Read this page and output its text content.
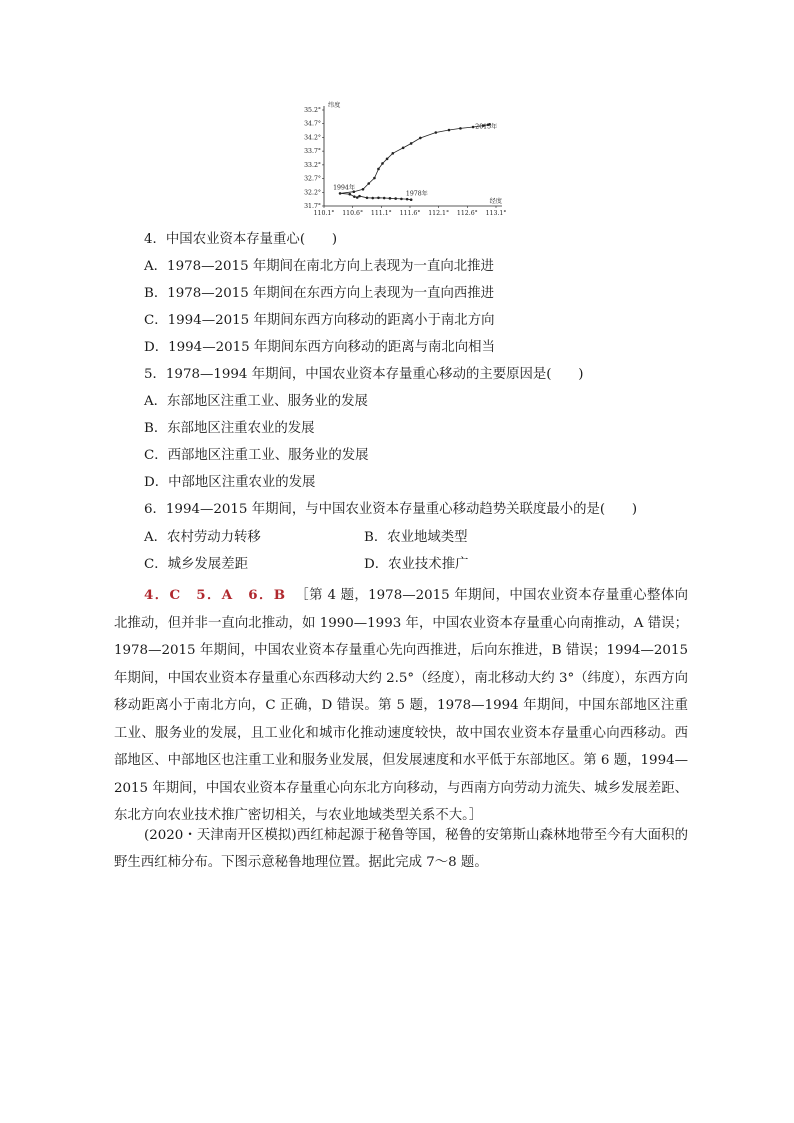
110.1° 110.6° 111.1° 111.6° 112.1° 112.6° 113.1°
31.7°
32.2°
32.7°
33.2°
33.7°
34.2°
34.7°
35.2°
纬度
经度
1994年
1978年
2015年
4．中国农业资本存量重心(　　)
A．1978—2015 年期间在南北方向上表现为一直向北推进
B．1978—2015 年期间在东西方向上表现为一直向西推进
C．1994—2015 年期间东西方向移动的距离小于南北方向
D．1994—2015 年期间东西方向移动的距离与南北向相当
5．1978—1994 年期间，中国农业资本存量重心移动的主要原因是(　　)
A．东部地区注重工业、服务业的发展
B．东部地区注重农业的发展
C．西部地区注重工业、服务业的发展
D．中部地区注重农业的发展
6．1994—2015 年期间，与中国农业资本存量重心移动趋势关联度最小的是(　　)
A．农村劳动力转移	B．农业地域类型
C．城乡发展差距	D．农业技术推广
4．C　5．A　6．B ［第 4 题，1978—2015 年期间，中国农业资本存量重心整体向北推动，但并非一直向北推动，如 1990—1993 年，中国农业资本存量重心向南推动，A 错误；1978—2015 年期间，中国农业资本存量重心先向西推进，后向东推进，B 错误；1994—2015 年期间，中国农业资本存量重心东西移动大约 2.5°（经度），南北移动大约 3°（纬度），东西方向移动距离小于南北方向，C 正确，D 错误。第 5 题，1978—1994 年期间，中国东部地区注重工业、服务业的发展，且工业化和城市化推动速度较快，故中国农业资本存量重心向西移动。西部地区、中部地区也注重工业和服务业发展，但发展速度和水平低于东部地区。第 6 题，1994—2015 年期间，中国农业资本存量重心向东北方向移动，与西南方向劳动力流失、城乡发展差距、东北方向农业技术推广密切相关，与农业地域类型关系不大。］
(2020・天津南开区模拟)西红柿起源于秘鲁等国，秘鲁的安第斯山森林地带至今有大面积的野生西红柿分布。下图示意秘鲁地理位置。据此完成 7～8 题。
